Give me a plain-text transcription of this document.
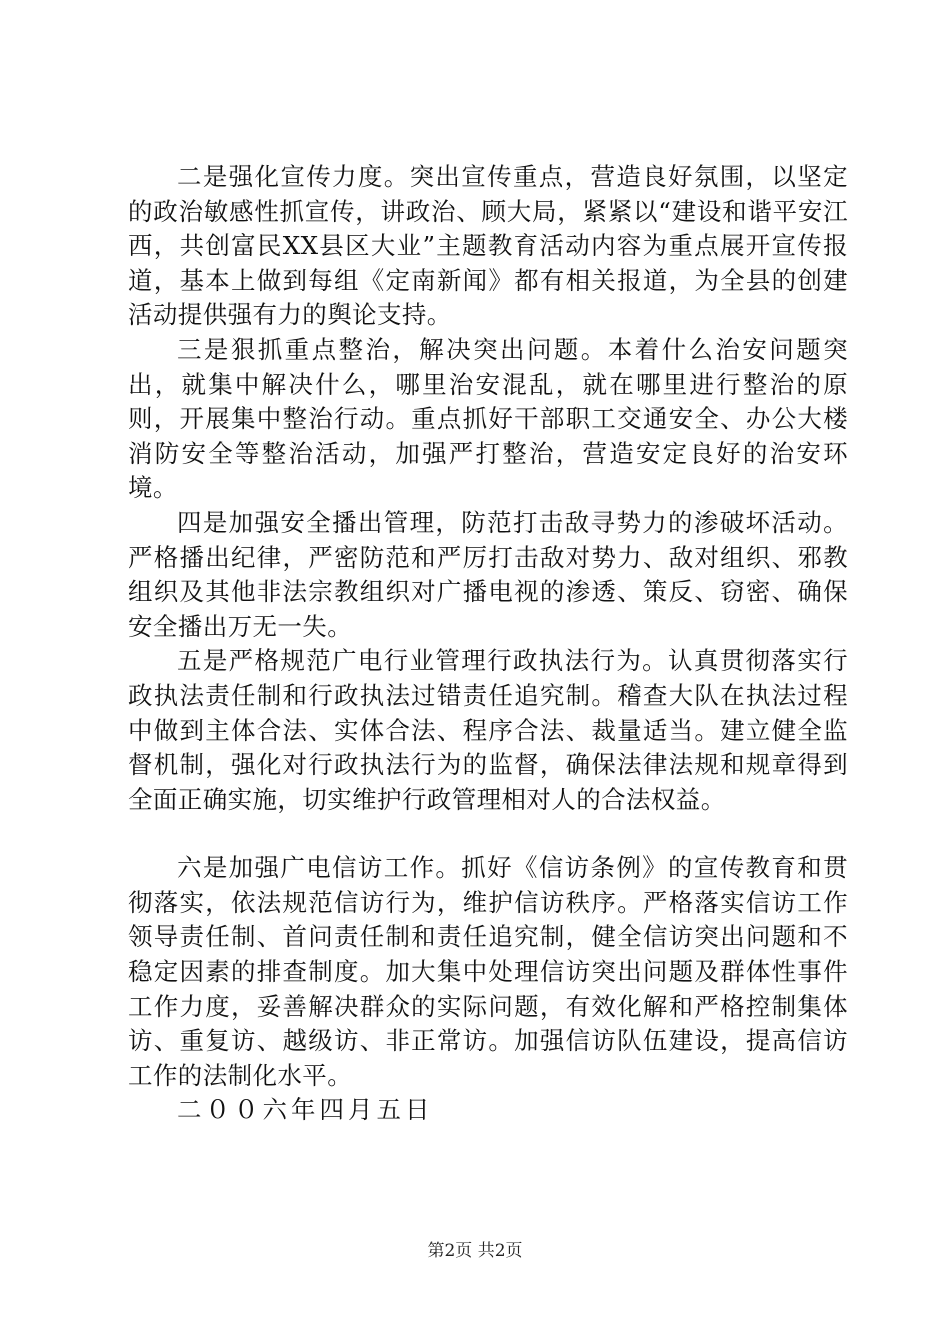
二是强化宣传力度。突出宣传重点，营造良好氛围，以坚定的政治敏感性抓宣传，讲政治、顾大局，紧紧以“建设和谐平安江西，共创富民XX县区大业”主题教育活动内容为重点展开宣传报道，基本上做到每组《定南新闻》都有相关报道，为全县的创建活动提供强有力的舆论支持。

三是狠抓重点整治，解决突出问题。本着什么治安问题突出，就集中解决什么，哪里治安混乱，就在哪里进行整治的原则，开展集中整治行动。重点抓好干部职工交通安全、办公大楼消防安全等整治活动，加强严打整治，营造安定良好的治安环境。

四是加强安全播出管理，防范打击敌寻势力的渗破坏活动。严格播出纪律，严密防范和严厉打击敌对势力、敌对组织、邪教组织及其他非法宗教组织对广播电视的渗透、策反、窃密、确保安全播出万无一失。

五是严格规范广电行业管理行政执法行为。认真贯彻落实行政执法责任制和行政执法过错责任追究制。稽查大队在执法过程中做到主体合法、实体合法、程序合法、裁量适当。建立健全监督机制，强化对行政执法行为的监督，确保法律法规和规章得到全面正确实施，切实维护行政管理相对人的合法权益。

六是加强广电信访工作。抓好《信访条例》的宣传教育和贯彻落实，依法规范信访行为，维护信访秩序。严格落实信访工作领导责任制、首问责任制和责任追究制，健全信访突出问题和不稳定因素的排查制度。加大集中处理信访突出问题及群体性事件工作力度，妥善解决群众的实际问题，有效化解和严格控制集体访、重复访、越级访、非正常访。加强信访队伍建设，提高信访工作的法制化水平。

二００六年四月五日

第2页 共2页
